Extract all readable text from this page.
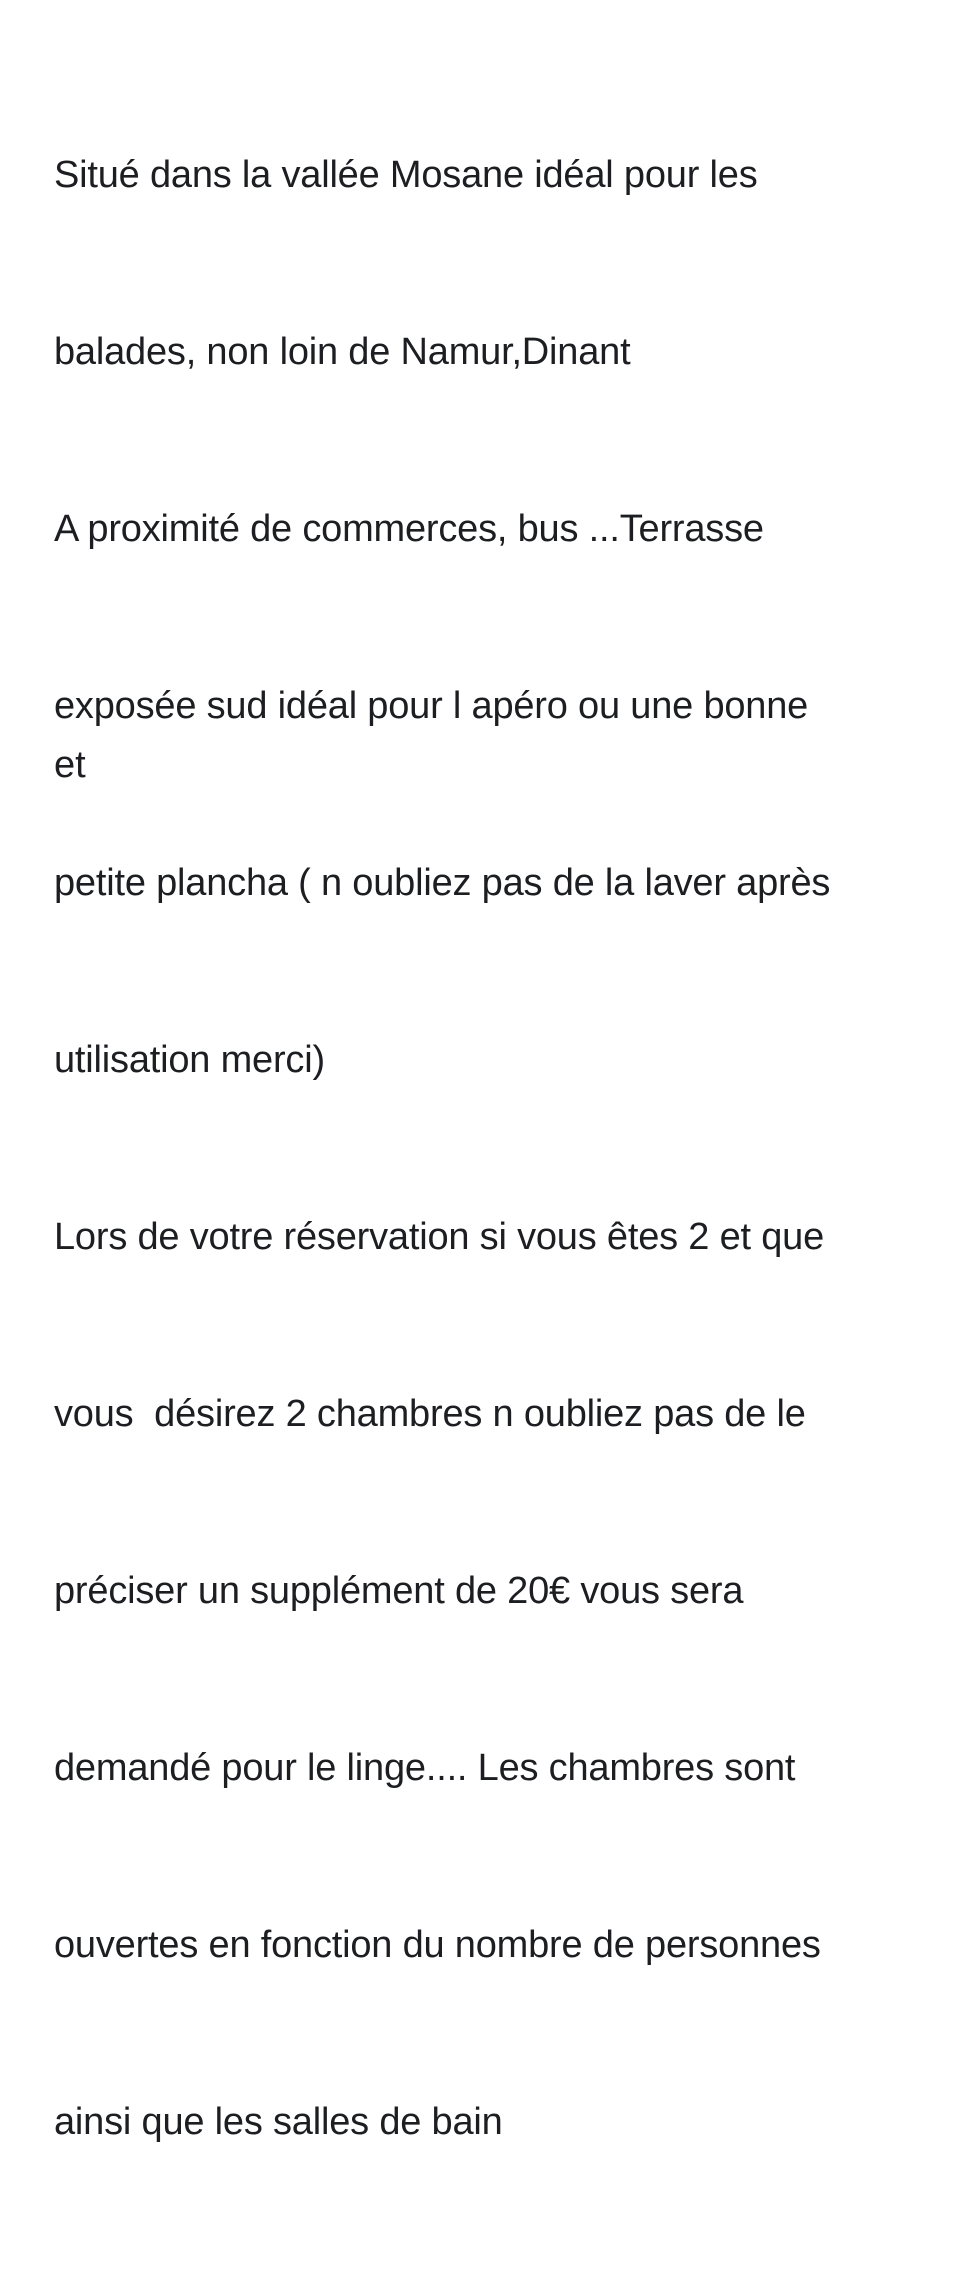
Situé dans la vallée Mosane idéal pour les

balades, non loin de Namur,Dinant

A proximité de commerces, bus ...Terrasse

exposée sud idéal pour l apéro ou une bonne

petite plancha ( n oubliez pas de la laver après

utilisation merci)

Lors de votre réservation si vous êtes 2 et que

vous  désirez 2 chambres n oubliez pas de le

préciser un supplément de 20€ vous sera

demandé pour le linge.... Les chambres sont

ouvertes en fonction du nombre de personnes

ainsi que les salles de bain

et
